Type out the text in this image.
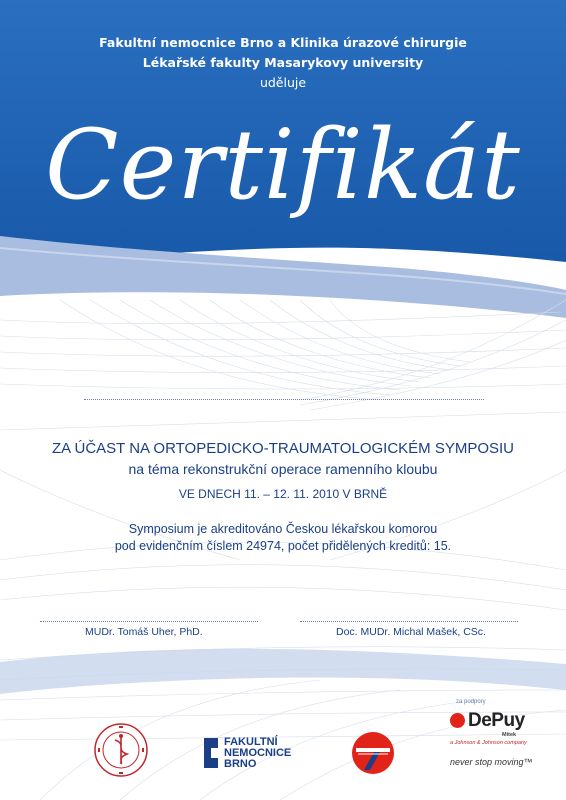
Fakultní nemocnice Brno a Klinika úrazové chirurgie
Lékařské fakulty Masarykovy university
uděluje
Certifikát
ZA ÚČAST NA ORTOPEDICKO-TRAUMATOLOGICKÉM SYMPOSIU
na téma rekonstrukční operace ramenního kloubu
VE DNECH 11. – 12. 11. 2010 V BRNĚ
Symposium je akreditováno Českou lékařskou komorou
pod evidenčním číslem 24974, počet přidělených kreditů: 15.
MUDr. Tomáš Uher, PhD.	Doc. MUDr. Michal Mašek, CSc.
FAKULTNÍ
NEMOCNICE
BRNO
za podpory
DePuy
Mitek
a Johnson & Johnson company
never stop moving™
